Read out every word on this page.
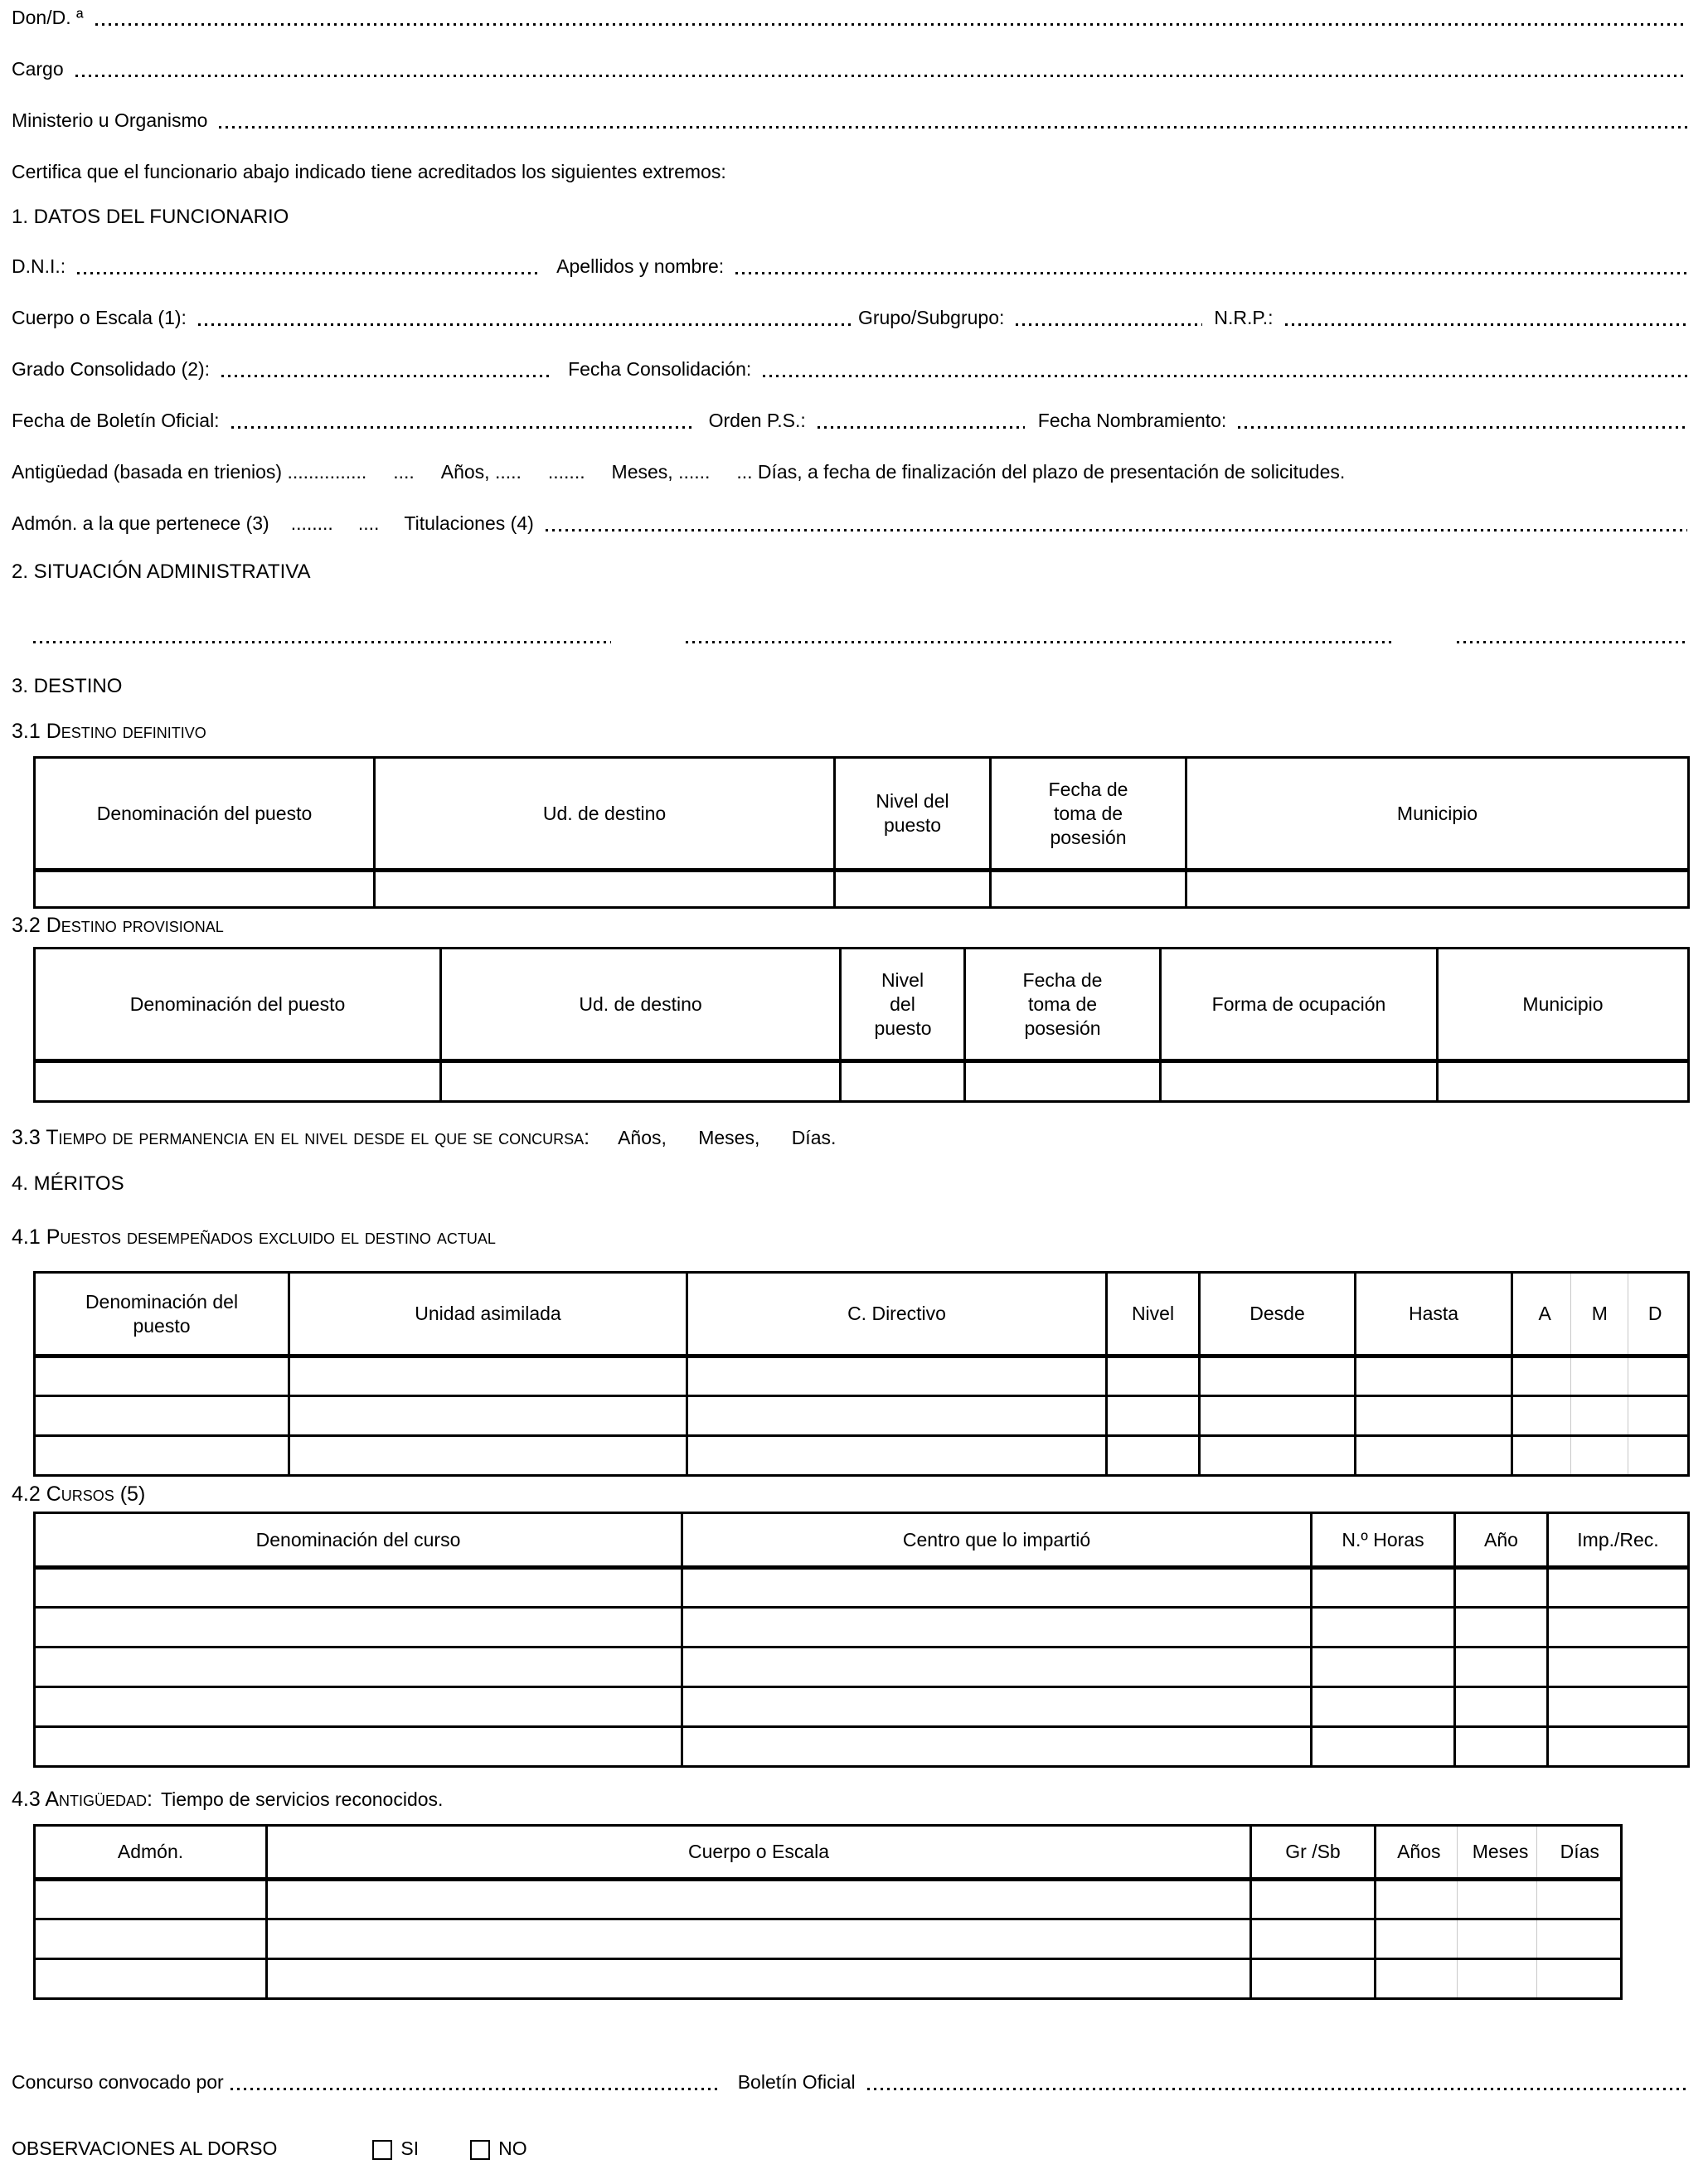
Don/D. ª
Cargo
Ministerio u Organismo
Certifica que el funcionario abajo indicado tiene acreditados los siguientes extremos:
1. DATOS DEL FUNCIONARIO
D.N.I.:	Apellidos y nombre:
Cuerpo o Escala (1):	Grupo/Subgrupo:	N.R.P.:
Grado Consolidado (2):	Fecha Consolidación:
Fecha de Boletín Oficial:	Orden P.S.:	Fecha Nombramiento:
Antigüedad (basada en trienios) ...............     ....     Años, .....     .......     Meses, ......     ... Días, a fecha de finalización del plazo de presentación de solicitudes.
Admón. a la que pertenece (3) ........ .... Titulaciones (4)
2. SITUACIÓN ADMINISTRATIVA
3. DESTINO
3.1 Destino definitivo
Denominación del puesto	Ud. de destino	Nivel del puesto	Fecha de toma de posesión	Municipio

3.2 Destino provisional
Denominación del puesto	Ud. de destino	Nivel del puesto	Fecha de toma de posesión	Forma de ocupación	Municipio

3.3 Tiempo de permanencia en el nivel desde el que se concursa: Años,      Meses,      Días.
4. MÉRITOS
4.1 Puestos desempeñados excluido el destino actual
Denominación del puesto	Unidad asimilada	C. Directivo	Nivel	Desde	Hasta	A M D

4.2 Cursos (5)
Denominación del curso	Centro que lo impartió	N.º Horas	Año	Imp./Rec.

4.3 Antigüedad: Tiempo de servicios reconocidos.
Admón.	Cuerpo o Escala	Gr /Sb	Años Meses Días

Concurso convocado por	Boletín Oficial
OBSERVACIONES AL DORSO	SI	NO
